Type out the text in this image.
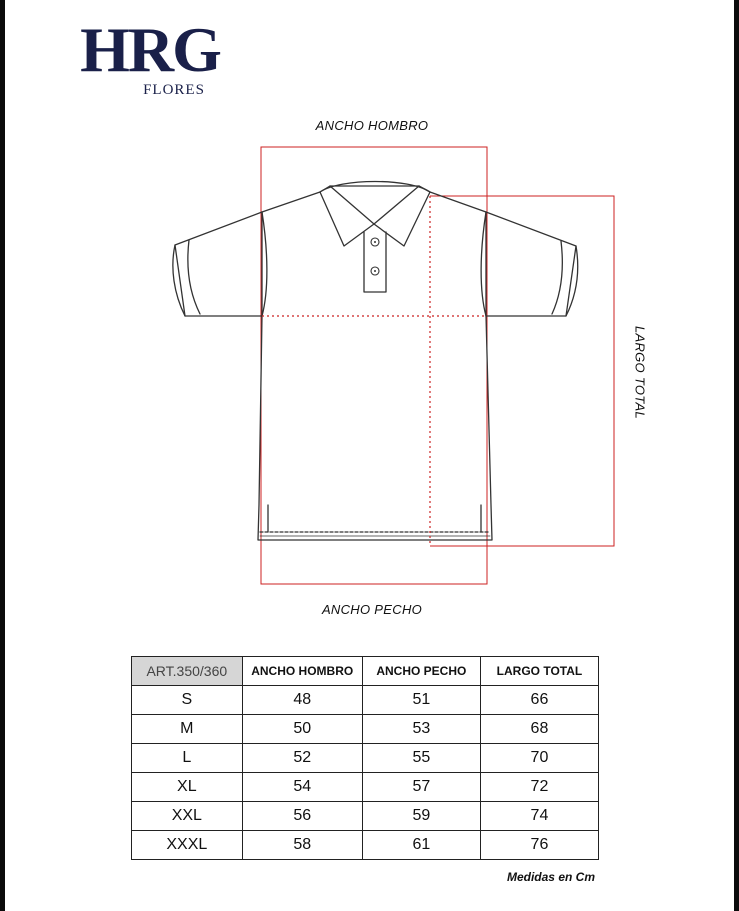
HRG
FLORES
ANCHO HOMBRO
LARGO TOTAL
ANCHO PECHO
ART.350/360	ANCHO HOMBRO	ANCHO PECHO	LARGO TOTAL
S	48	51	66
M	50	53	68
L	52	55	70
XL	54	57	72
XXL	56	59	74
XXXL	58	61	76
Medidas en Cm
